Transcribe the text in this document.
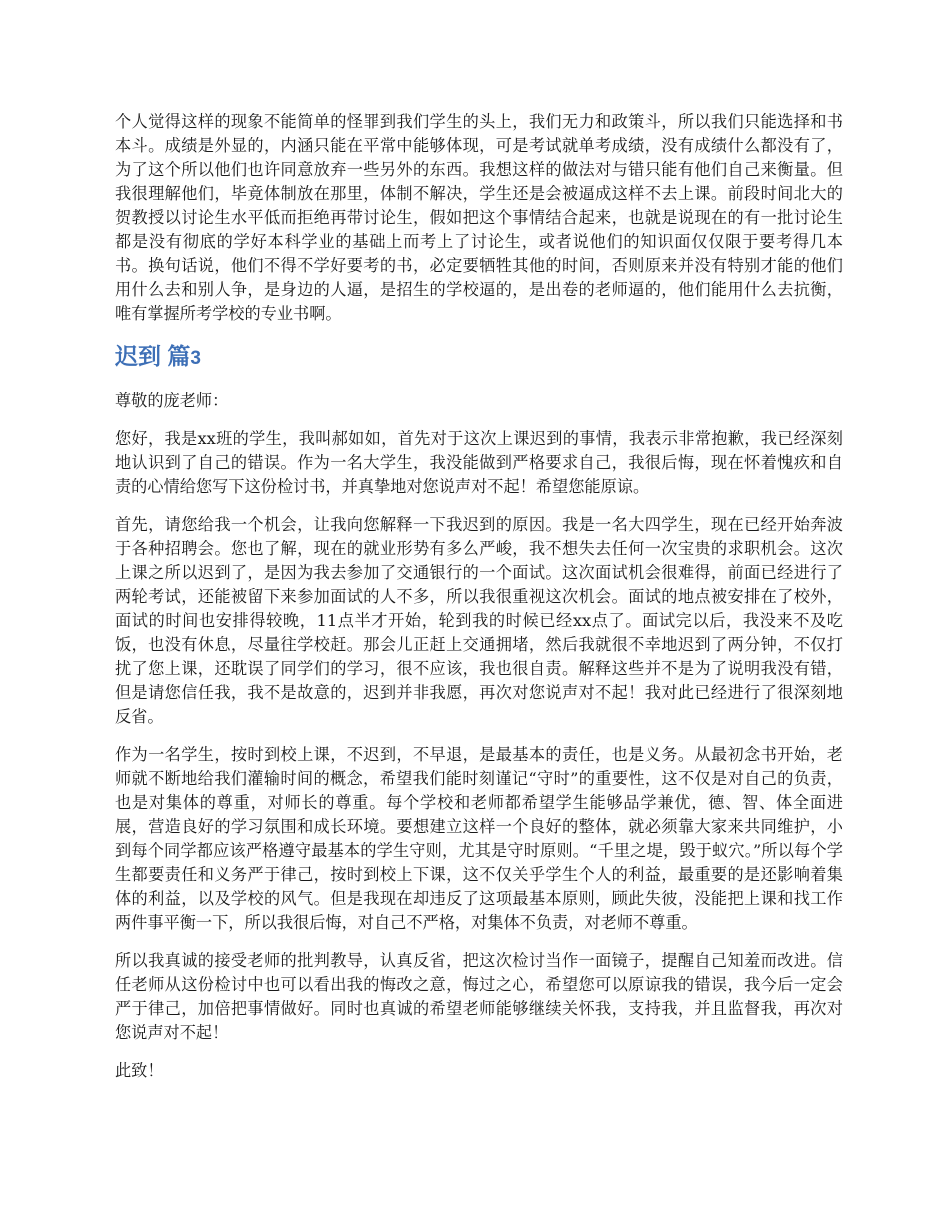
个人觉得这样的现象不能简单的怪罪到我们学生的头上，我们无力和政策斗，所以我们只能选择和书本斗。成绩是外显的，内涵只能在平常中能够体现，可是考试就单考成绩，没有成绩什么都没有了，为了这个所以他们也许同意放弃一些另外的东西。我想这样的做法对与错只能有他们自己来衡量。但我很理解他们，毕竟体制放在那里，体制不解决，学生还是会被逼成这样不去上课。前段时间北大的贺教授以讨论生水平低而拒绝再带讨论生，假如把这个事情结合起来，也就是说现在的有一批讨论生都是没有彻底的学好本科学业的基础上而考上了讨论生，或者说他们的知识面仅仅限于要考得几本书。换句话说，他们不得不学好要考的书，必定要牺牲其他的时间，否则原来并没有特别才能的他们用什么去和别人争，是身边的人逼，是招生的学校逼的，是出卷的老师逼的，他们能用什么去抗衡，唯有掌握所考学校的专业书啊。

迟到 篇3

尊敬的庞老师：

您好，我是xx班的学生，我叫郝如如，首先对于这次上课迟到的事情，我表示非常抱歉，我已经深刻地认识到了自己的错误。作为一名大学生，我没能做到严格要求自己，我很后悔，现在怀着愧疚和自责的心情给您写下这份检讨书，并真挚地对您说声对不起！希望您能原谅。

首先，请您给我一个机会，让我向您解释一下我迟到的原因。我是一名大四学生，现在已经开始奔波于各种招聘会。您也了解，现在的就业形势有多么严峻，我不想失去任何一次宝贵的求职机会。这次上课之所以迟到了，是因为我去参加了交通银行的一个面试。这次面试机会很难得，前面已经进行了两轮考试，还能被留下来参加面试的人不多，所以我很重视这次机会。面试的地点被安排在了校外，面试的时间也安排得较晚，11点半才开始，轮到我的时候已经xx点了。面试完以后，我没来不及吃饭，也没有休息，尽量往学校赶。那会儿正赶上交通拥堵，然后我就很不幸地迟到了两分钟，不仅打扰了您上课，还耽误了同学们的学习，很不应该，我也很自责。解释这些并不是为了说明我没有错，但是请您信任我，我不是故意的，迟到并非我愿，再次对您说声对不起！我对此已经进行了很深刻地反省。

作为一名学生，按时到校上课，不迟到，不早退，是最基本的责任，也是义务。从最初念书开始，老师就不断地给我们灌输时间的概念，希望我们能时刻谨记“守时”的重要性，这不仅是对自己的负责，也是对集体的尊重，对师长的尊重。每个学校和老师都希望学生能够品学兼优，德、智、体全面进展，营造良好的学习氛围和成长环境。要想建立这样一个良好的整体，就必须靠大家来共同维护，小到每个同学都应该严格遵守最基本的学生守则，尤其是守时原则。“千里之堤，毁于蚁穴。”所以每个学生都要责任和义务严于律己，按时到校上下课，这不仅关乎学生个人的利益，最重要的是还影响着集体的利益，以及学校的风气。但是我现在却违反了这项最基本原则，顾此失彼，没能把上课和找工作两件事平衡一下，所以我很后悔，对自己不严格，对集体不负责，对老师不尊重。

所以我真诚的接受老师的批判教导，认真反省，把这次检讨当作一面镜子，提醒自己知羞而改进。信任老师从这份检讨中也可以看出我的悔改之意，悔过之心，希望您可以原谅我的错误，我今后一定会严于律己，加倍把事情做好。同时也真诚的希望老师能够继续关怀我，支持我，并且监督我，再次对您说声对不起！

此致！
